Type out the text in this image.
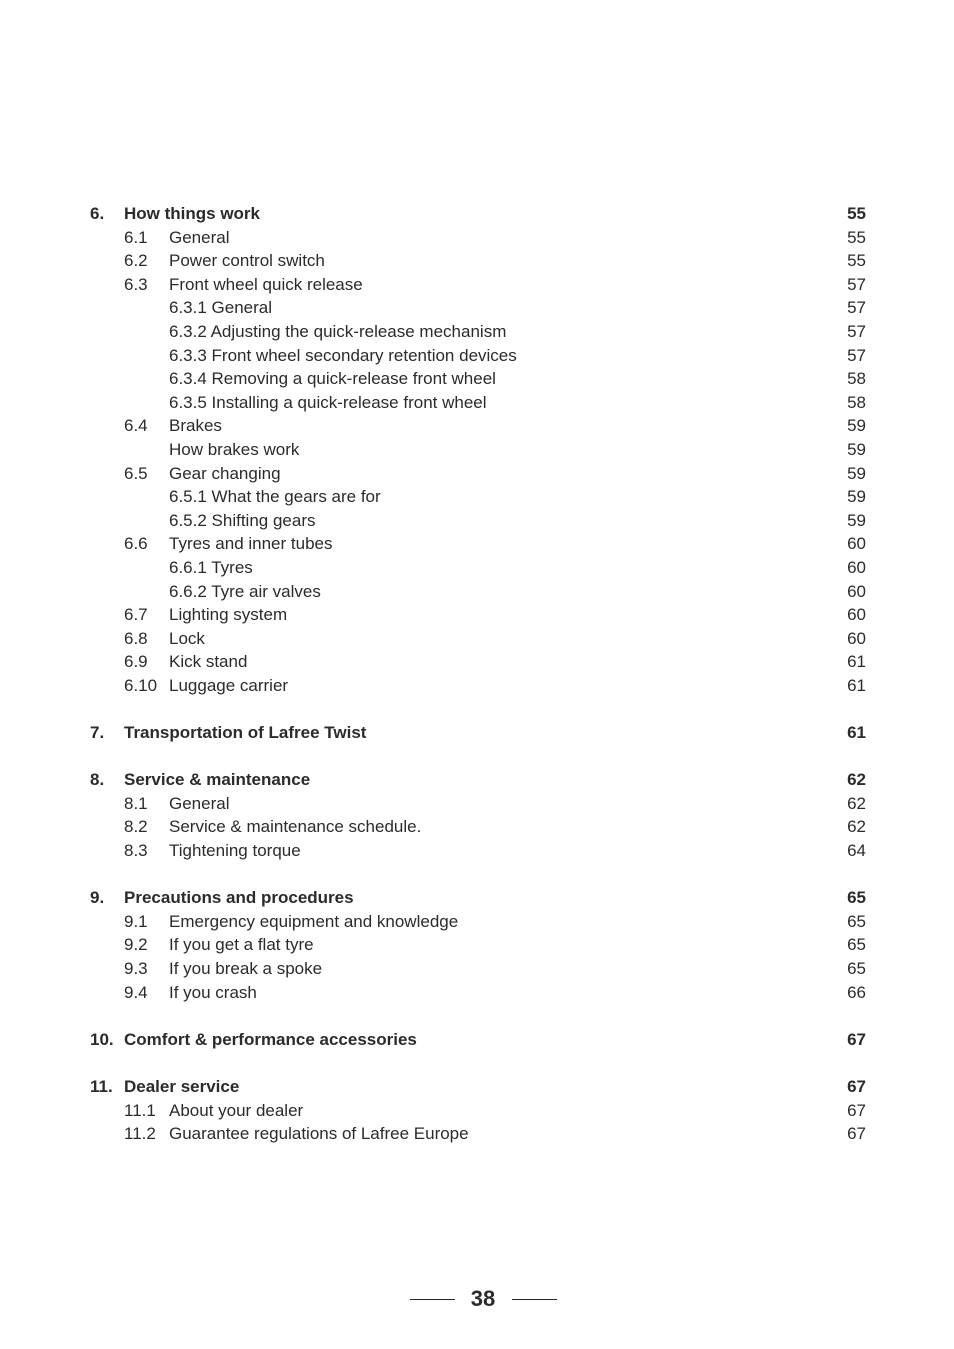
6. How things work	55
6.1 General	55
6.2 Power control switch	55
6.3 Front wheel quick release	57
6.3.1 General	57
6.3.2 Adjusting the quick-release mechanism	57
6.3.3 Front wheel secondary retention devices	57
6.3.4 Removing a quick-release front wheel	58
6.3.5 Installing a quick-release front wheel	58
6.4 Brakes	59
How brakes work	59
6.5 Gear changing	59
6.5.1 What the gears are for	59
6.5.2 Shifting gears	59
6.6 Tyres and inner tubes	60
6.6.1 Tyres	60
6.6.2 Tyre air valves	60
6.7 Lighting system	60
6.8 Lock	60
6.9 Kick stand	61
6.10 Luggage carrier	61
7. Transportation of Lafree Twist	61
8. Service & maintenance	62
8.1 General	62
8.2 Service & maintenance schedule.	62
8.3 Tightening torque	64
9. Precautions and procedures	65
9.1 Emergency equipment and knowledge	65
9.2 If you get a flat tyre	65
9.3 If you break a spoke	65
9.4 If you crash	66
10. Comfort & performance accessories	67
11. Dealer service	67
11.1 About your dealer	67
11.2 Guarantee regulations of Lafree Europe	67
38
